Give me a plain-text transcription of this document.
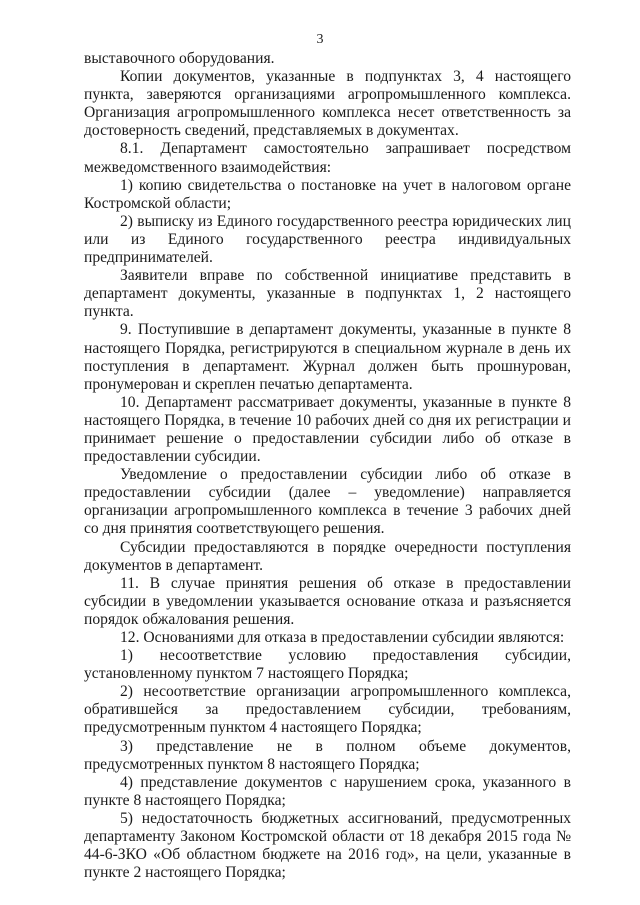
3

выставочного оборудования.

Копии документов, указанные в подпунктах 3, 4 настоящего пункта, заверяются организациями агропромышленного комплекса. Организация агропромышленного комплекса несет ответственность за достоверность сведений, представляемых в документах.

8.1. Департамент самостоятельно запрашивает посредством межведомственного взаимодействия:

1) копию свидетельства о постановке на учет в налоговом органе Костромской области;

2) выписку из Единого государственного реестра юридических лиц или из Единого государственного реестра индивидуальных предпринимателей.

Заявители вправе по собственной инициативе представить в департамент документы, указанные в подпунктах 1, 2 настоящего пункта.

9. Поступившие в департамент документы, указанные в пункте 8 настоящего Порядка, регистрируются в специальном журнале в день их поступления в департамент. Журнал должен быть прошнурован, пронумерован и скреплен печатью департамента.

10. Департамент рассматривает документы, указанные в пункте 8 настоящего Порядка, в течение 10 рабочих дней со дня их регистрации и принимает решение о предоставлении субсидии либо об отказе в предоставлении субсидии.

Уведомление о предоставлении субсидии либо об отказе в предоставлении субсидии (далее – уведомление) направляется организации агропромышленного комплекса в течение 3 рабочих дней со дня принятия соответствующего решения.

Субсидии предоставляются в порядке очередности поступления документов в департамент.

11. В случае принятия решения об отказе в предоставлении субсидии в уведомлении указывается основание отказа и разъясняется порядок обжалования решения.

12. Основаниями для отказа в предоставлении субсидии являются:

1) несоответствие условию предоставления субсидии, установленному пунктом 7 настоящего Порядка;

2) несоответствие организации агропромышленного комплекса, обратившейся за предоставлением субсидии, требованиям, предусмотренным пунктом 4 настоящего Порядка;

3) представление не в полном объеме документов, предусмотренных пунктом 8 настоящего Порядка;

4) представление документов с нарушением срока, указанного в пункте 8 настоящего Порядка;

5) недостаточность бюджетных ассигнований, предусмотренных департаменту Законом Костромской области от 18 декабря 2015 года № 44-6-ЗКО «Об областном бюджете на 2016 год», на цели, указанные в пункте 2 настоящего Порядка;
